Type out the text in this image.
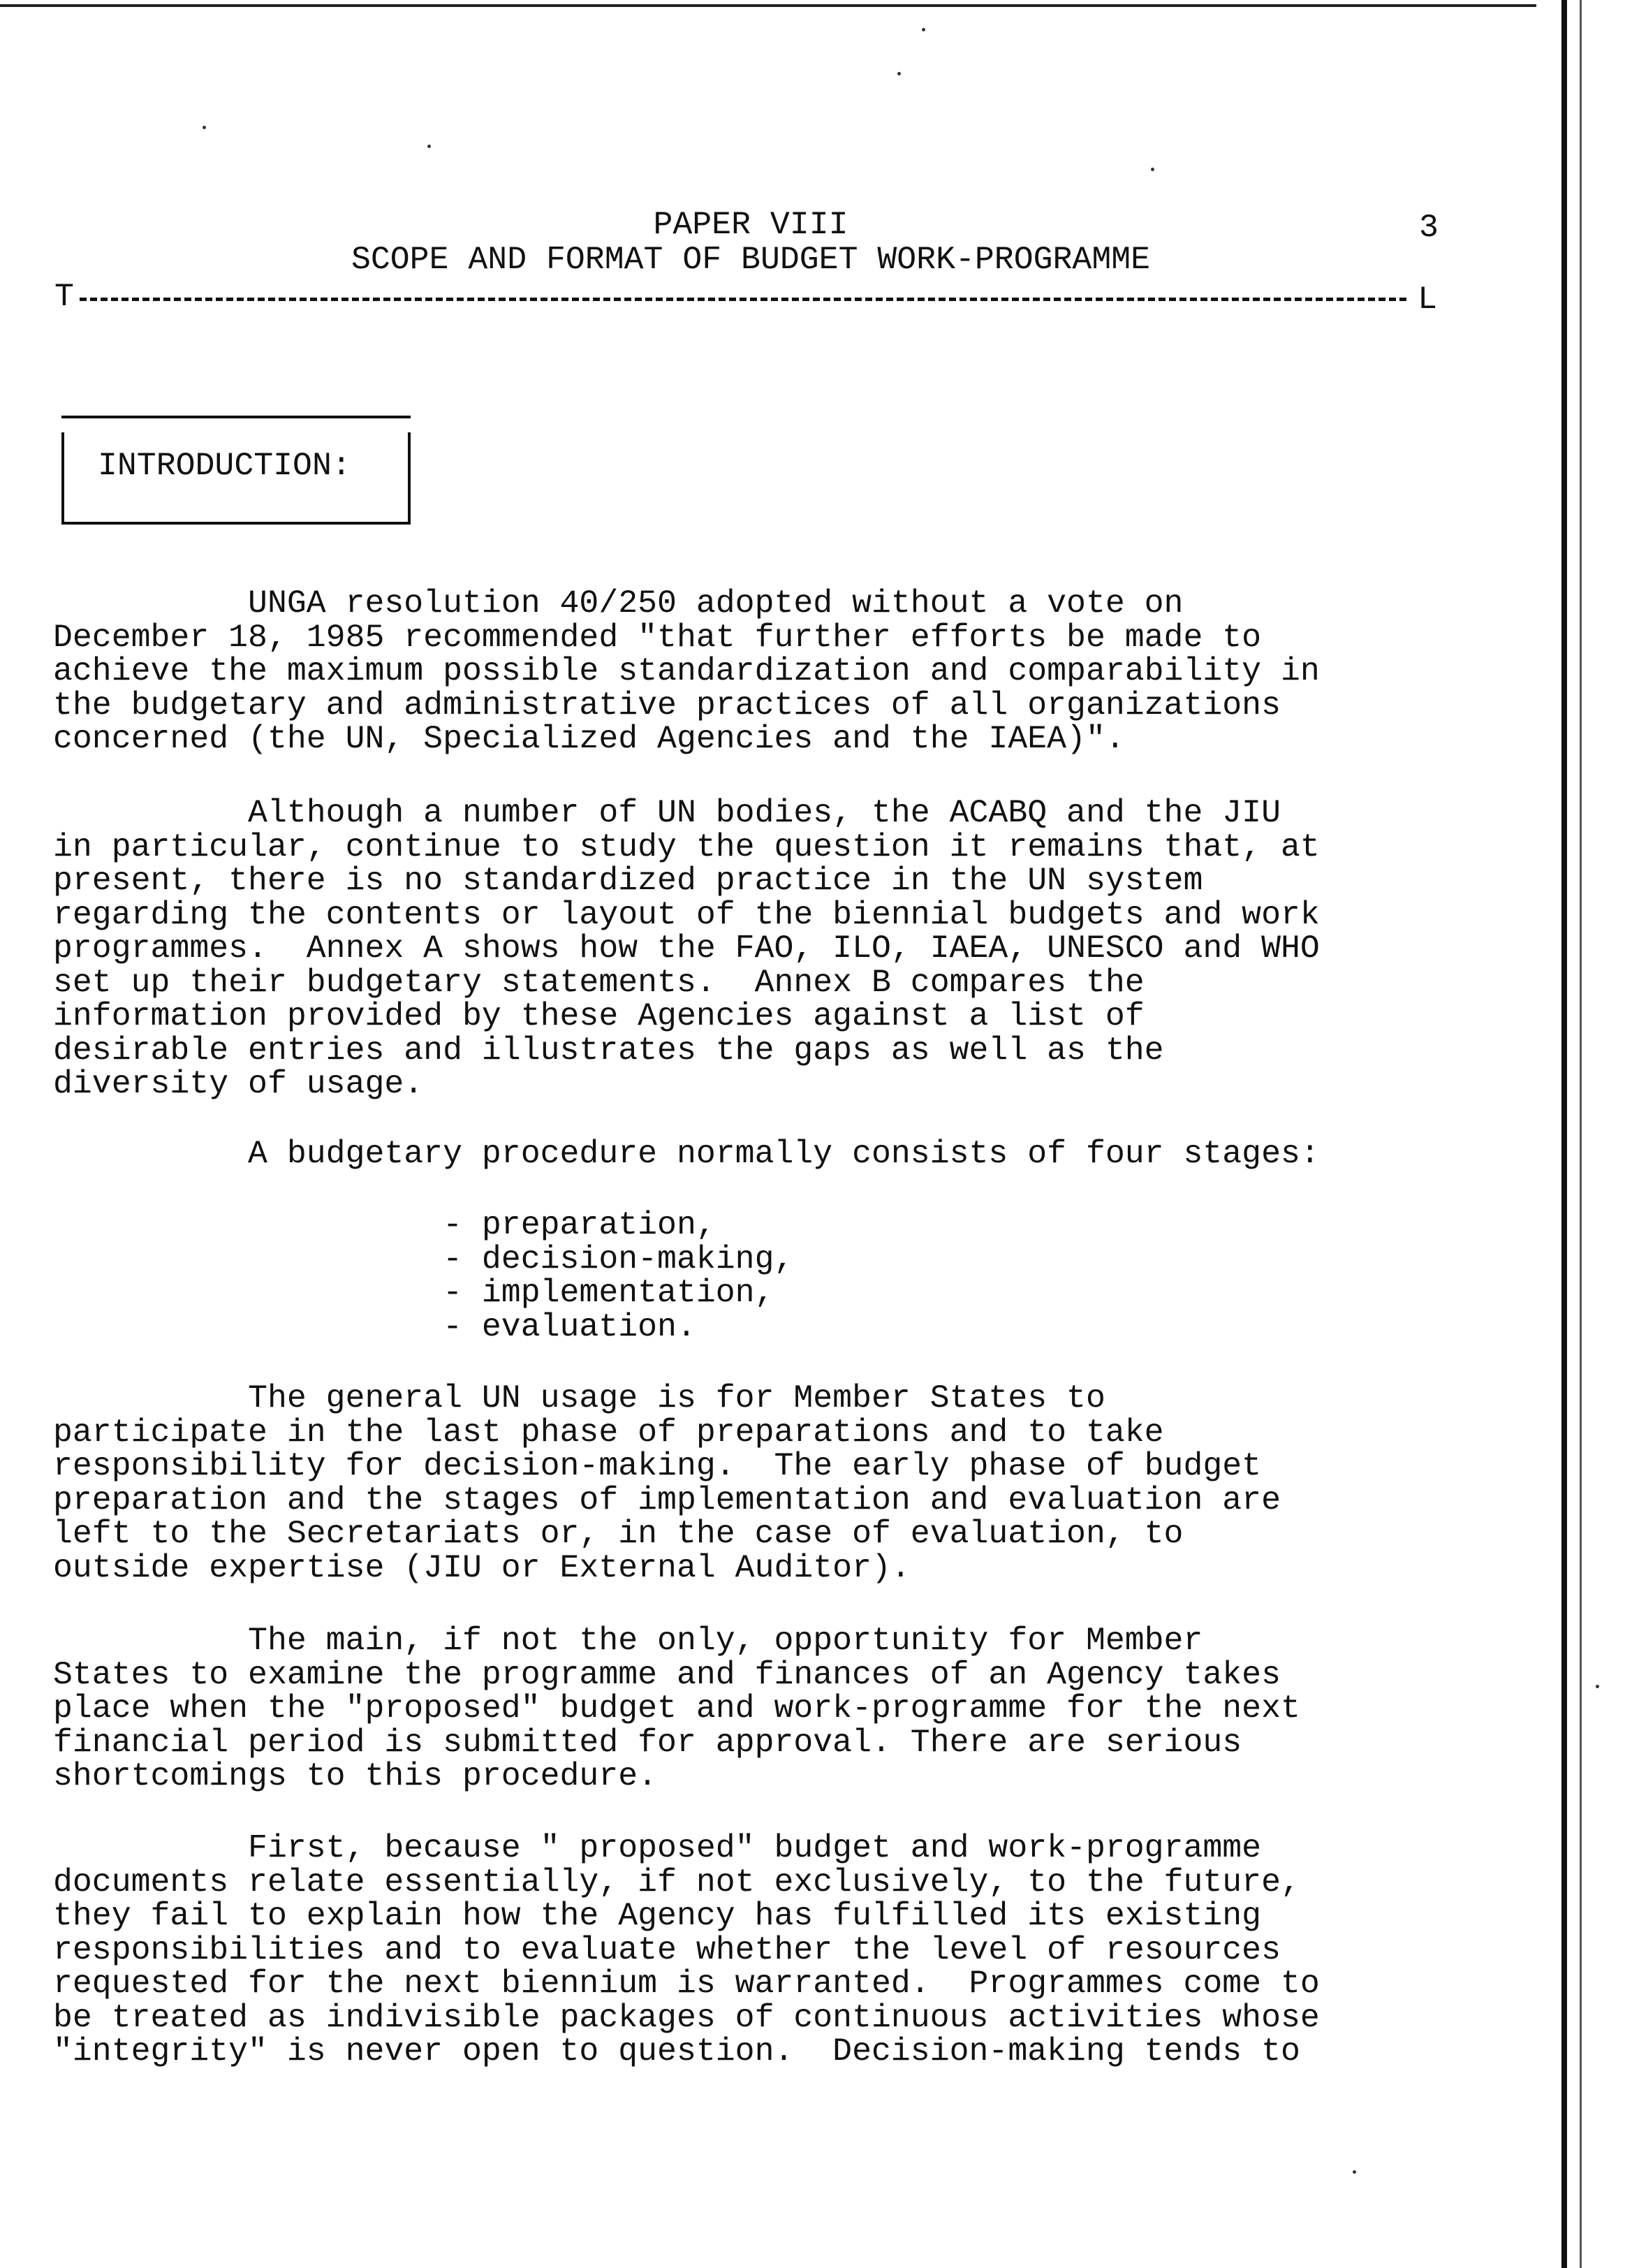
PAPER VIII	3
SCOPE AND FORMAT OF BUDGET WORK-PROGRAMME
T	L
INTRODUCTION:
UNGA resolution 40/250 adopted without a vote on
December 18, 1985 recommended "that further efforts be made to
achieve the maximum possible standardization and comparability in
the budgetary and administrative practices of all organizations
concerned (the UN, Specialized Agencies and the IAEA)".
Although a number of UN bodies, the ACABQ and the JIU
in particular, continue to study the question it remains that, at
present, there is no standardized practice in the UN system
regarding the contents or layout of the biennial budgets and work
programmes.  Annex A shows how the FAO, ILO, IAEA, UNESCO and WHO
set up their budgetary statements.  Annex B compares the
information provided by these Agencies against a list of
desirable entries and illustrates the gaps as well as the
diversity of usage.
A budgetary procedure normally consists of four stages:
- preparation,
- decision-making,
- implementation,
- evaluation.
The general UN usage is for Member States to
participate in the last phase of preparations and to take
responsibility for decision-making.  The early phase of budget
preparation and the stages of implementation and evaluation are
left to the Secretariats or, in the case of evaluation, to
outside expertise (JIU or External Auditor).
The main, if not the only, opportunity for Member
States to examine the programme and finances of an Agency takes
place when the "proposed" budget and work-programme for the next
financial period is submitted for approval. There are serious
shortcomings to this procedure.
First, because " proposed" budget and work-programme
documents relate essentially, if not exclusively, to the future,
they fail to explain how the Agency has fulfilled its existing
responsibilities and to evaluate whether the level of resources
requested for the next biennium is warranted.  Programmes come to
be treated as indivisible packages of continuous activities whose
"integrity" is never open to question.  Decision-making tends to
